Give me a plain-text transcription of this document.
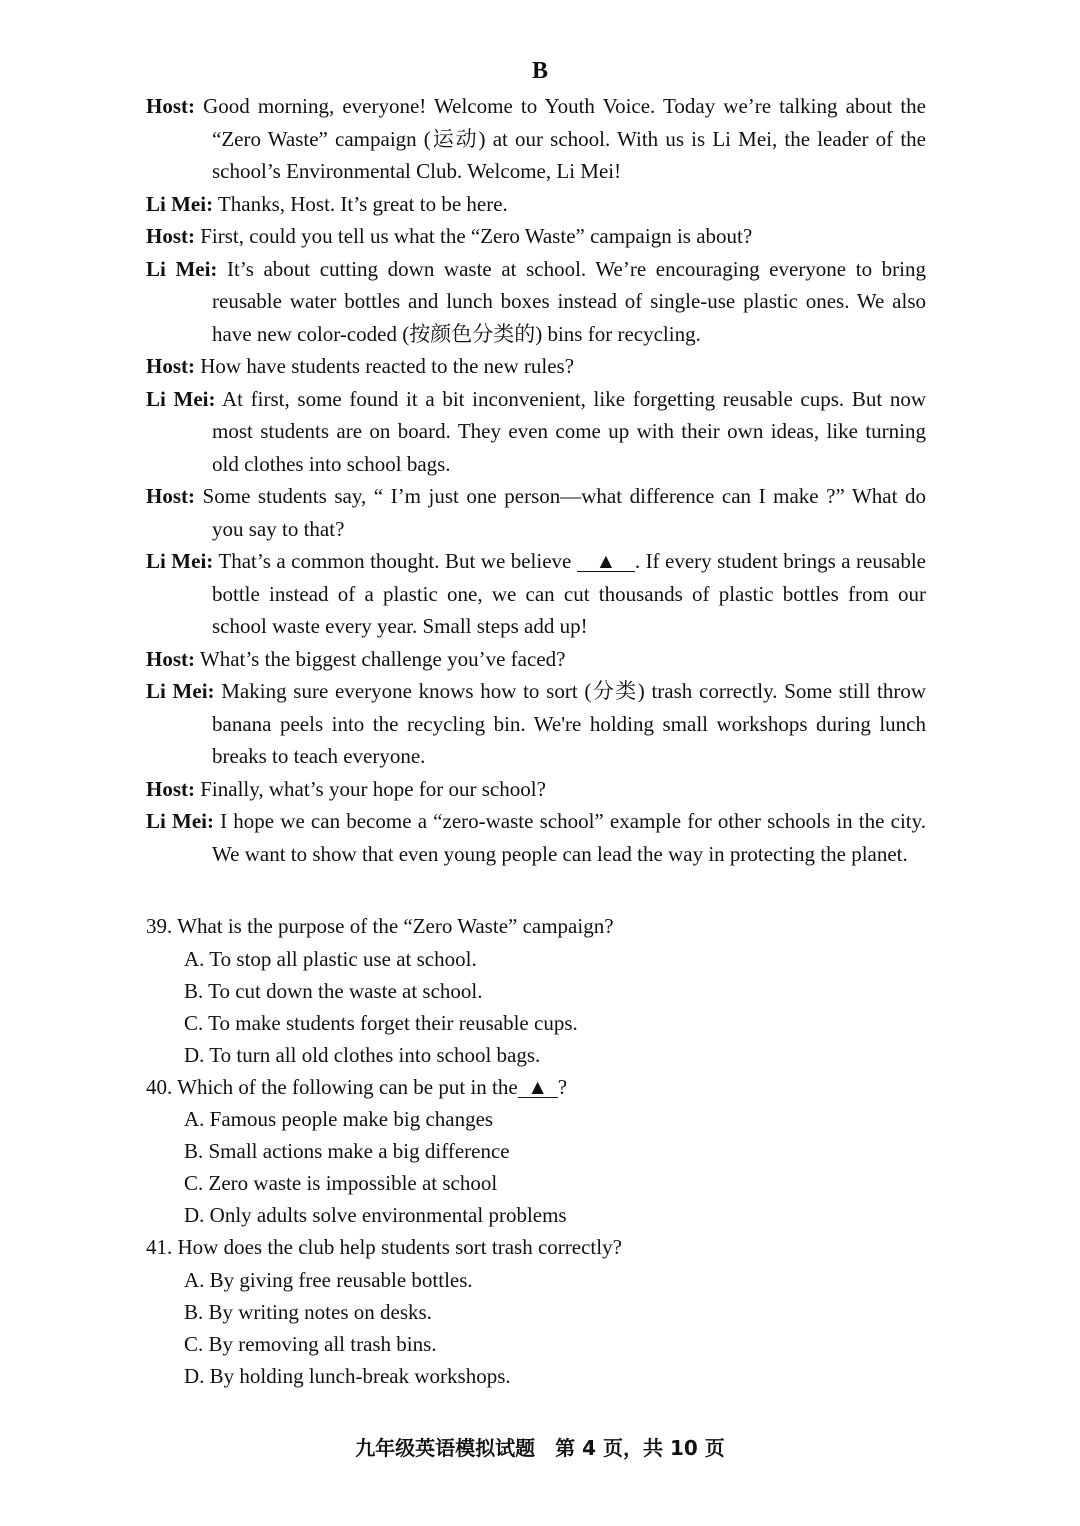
B
Host: Good morning, everyone! Welcome to Youth Voice. Today we’re talking about the “Zero Waste” campaign (运动) at our school. With us is Li Mei, the leader of the school’s Environmental Club. Welcome, Li Mei!
Li Mei: Thanks, Host. It’s great to be here.
Host: First, could you tell us what the “Zero Waste” campaign is about?
Li Mei: It’s about cutting down waste at school. We’re encouraging everyone to bring reusable water bottles and lunch boxes instead of single-use plastic ones. We also have new color-coded (按颜色分类的) bins for recycling.
Host: How have students reacted to the new rules?
Li Mei: At first, some found it a bit inconvenient, like forgetting reusable cups. But now most students are on board. They even come up with their own ideas, like turning old clothes into school bags.
Host: Some students say, “ I’m just one person—what difference can I make ?” What do you say to that?
Li Mei: That’s a common thought. But we believe ▲ . If every student brings a reusable bottle instead of a plastic one, we can cut thousands of plastic bottles from our school waste every year. Small steps add up!
Host: What’s the biggest challenge you’ve faced?
Li Mei: Making sure everyone knows how to sort (分类) trash correctly. Some still throw banana peels into the recycling bin. We're holding small workshops during lunch breaks to teach everyone.
Host: Finally, what’s your hope for our school?
Li Mei: I hope we can become a “zero-waste school” example for other schools in the city. We want to show that even young people can lead the way in protecting the planet.
39. What is the purpose of the “Zero Waste” campaign?
A. To stop all plastic use at school.
B. To cut down the waste at school.
C. To make students forget their reusable cups.
D. To turn all old clothes into school bags.
40. Which of the following can be put in the ▲ ?
A. Famous people make big changes
B. Small actions make a big difference
C. Zero waste is impossible at school
D. Only adults solve environmental problems
41. How does the club help students sort trash correctly?
A. By giving free reusable bottles.
B. By writing notes on desks.
C. By removing all trash bins.
D. By holding lunch-break workshops.
九年级英语模拟试题　第 4 页，共 10 页
